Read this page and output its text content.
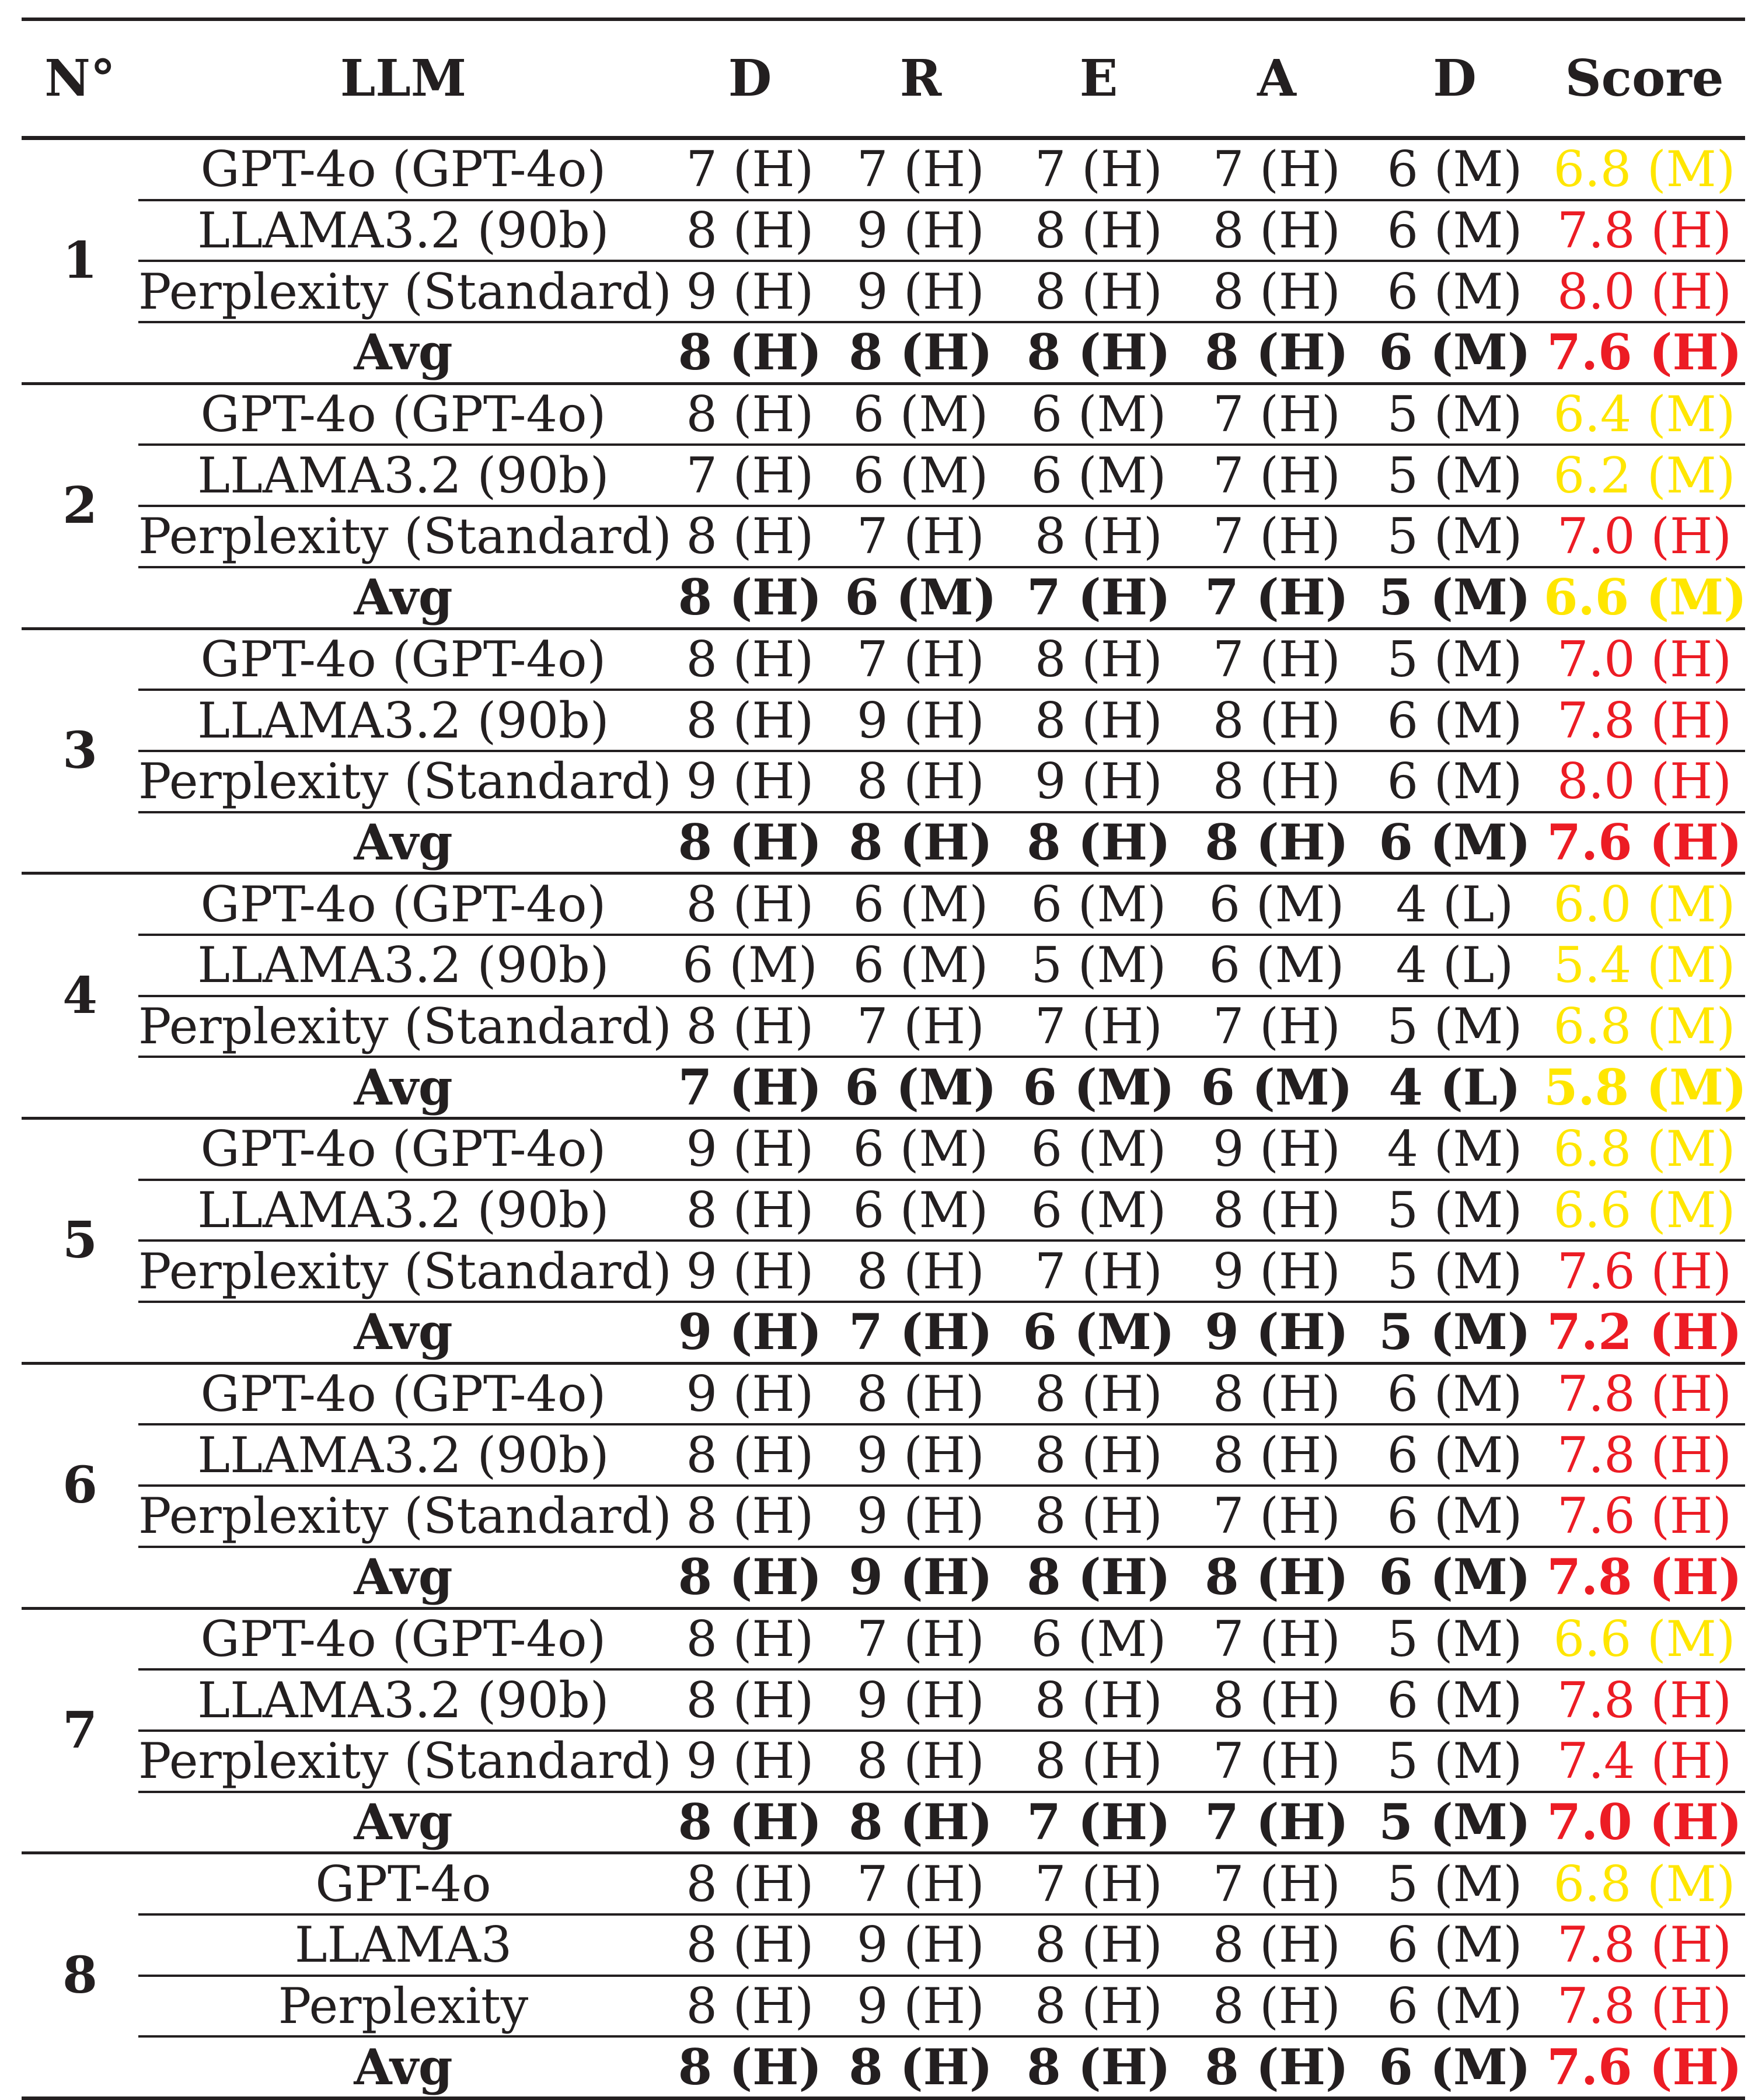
N°	LLM	D	R	E	A	D	Score
1	GPT-4o (GPT-4o)	7 (H)	7 (H)	7 (H)	7 (H)	6 (M)	6.8 (M)
	LLAMA3.2 (90b)	8 (H)	9 (H)	8 (H)	8 (H)	6 (M)	7.8 (H)
	Perplexity (Standard)	9 (H)	9 (H)	8 (H)	8 (H)	6 (M)	8.0 (H)
	Avg	8 (H)	8 (H)	8 (H)	8 (H)	6 (M)	7.6 (H)
2	GPT-4o (GPT-4o)	8 (H)	6 (M)	6 (M)	7 (H)	5 (M)	6.4 (M)
	LLAMA3.2 (90b)	7 (H)	6 (M)	6 (M)	7 (H)	5 (M)	6.2 (M)
	Perplexity (Standard)	8 (H)	7 (H)	8 (H)	7 (H)	5 (M)	7.0 (H)
	Avg	8 (H)	6 (M)	7 (H)	7 (H)	5 (M)	6.6 (M)
3	GPT-4o (GPT-4o)	8 (H)	7 (H)	8 (H)	7 (H)	5 (M)	7.0 (H)
	LLAMA3.2 (90b)	8 (H)	9 (H)	8 (H)	8 (H)	6 (M)	7.8 (H)
	Perplexity (Standard)	9 (H)	8 (H)	9 (H)	8 (H)	6 (M)	8.0 (H)
	Avg	8 (H)	8 (H)	8 (H)	8 (H)	6 (M)	7.6 (H)
4	GPT-4o (GPT-4o)	8 (H)	6 (M)	6 (M)	6 (M)	4 (L)	6.0 (M)
	LLAMA3.2 (90b)	6 (M)	6 (M)	5 (M)	6 (M)	4 (L)	5.4 (M)
	Perplexity (Standard)	8 (H)	7 (H)	7 (H)	7 (H)	5 (M)	6.8 (M)
	Avg	7 (H)	6 (M)	6 (M)	6 (M)	4 (L)	5.8 (M)
5	GPT-4o (GPT-4o)	9 (H)	6 (M)	6 (M)	9 (H)	4 (M)	6.8 (M)
	LLAMA3.2 (90b)	8 (H)	6 (M)	6 (M)	8 (H)	5 (M)	6.6 (M)
	Perplexity (Standard)	9 (H)	8 (H)	7 (H)	9 (H)	5 (M)	7.6 (H)
	Avg	9 (H)	7 (H)	6 (M)	9 (H)	5 (M)	7.2 (H)
6	GPT-4o (GPT-4o)	9 (H)	8 (H)	8 (H)	8 (H)	6 (M)	7.8 (H)
	LLAMA3.2 (90b)	8 (H)	9 (H)	8 (H)	8 (H)	6 (M)	7.8 (H)
	Perplexity (Standard)	8 (H)	9 (H)	8 (H)	7 (H)	6 (M)	7.6 (H)
	Avg	8 (H)	9 (H)	8 (H)	8 (H)	6 (M)	7.8 (H)
7	GPT-4o (GPT-4o)	8 (H)	7 (H)	6 (M)	7 (H)	5 (M)	6.6 (M)
	LLAMA3.2 (90b)	8 (H)	9 (H)	8 (H)	8 (H)	6 (M)	7.8 (H)
	Perplexity (Standard)	9 (H)	8 (H)	8 (H)	7 (H)	5 (M)	7.4 (H)
	Avg	8 (H)	8 (H)	7 (H)	7 (H)	5 (M)	7.0 (H)
8	GPT-4o	8 (H)	7 (H)	7 (H)	7 (H)	5 (M)	6.8 (M)
	LLAMA3	8 (H)	9 (H)	8 (H)	8 (H)	6 (M)	7.8 (H)
	Perplexity	8 (H)	9 (H)	8 (H)	8 (H)	6 (M)	7.8 (H)
	Avg	8 (H)	8 (H)	8 (H)	8 (H)	6 (M)	7.6 (H)
